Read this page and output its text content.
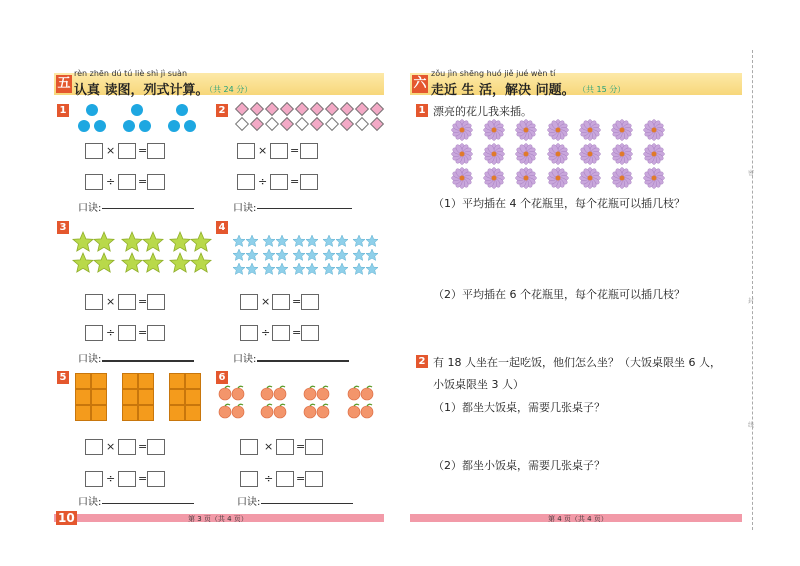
五
rèn zhēn dú tú liè shì jì suàn
认真 读图，列式计算。
（共 24 分）
1	2
× =
÷ =
口诀:
× =
÷ =
口诀:
3	4
× =
÷ =
口诀:
× =
÷ =
口诀:
5	6
× =
÷ =
口诀:
× =
÷ =
口诀:
10	第 3 页（共 4 页）
六
zǒu jìn shēng huó jiě jué wèn tí
走近 生 活，解决 问题。 （共 15 分）
1 漂亮的花儿我来插。
（1）平均插在 4 个花瓶里，每个花瓶可以插几枝？
（2）平均插在 6 个花瓶里，每个花瓶可以插几枝？
2 有 18 人坐在一起吃饭，他们怎么坐？（大饭桌限坐 6 人，
小饭桌限坐 3 人）
（1）都坐大饭桌，需要几张桌子？
（2）都坐小饭桌，需要几张桌子？
第 4 页（共 4 页）
密
封
线
